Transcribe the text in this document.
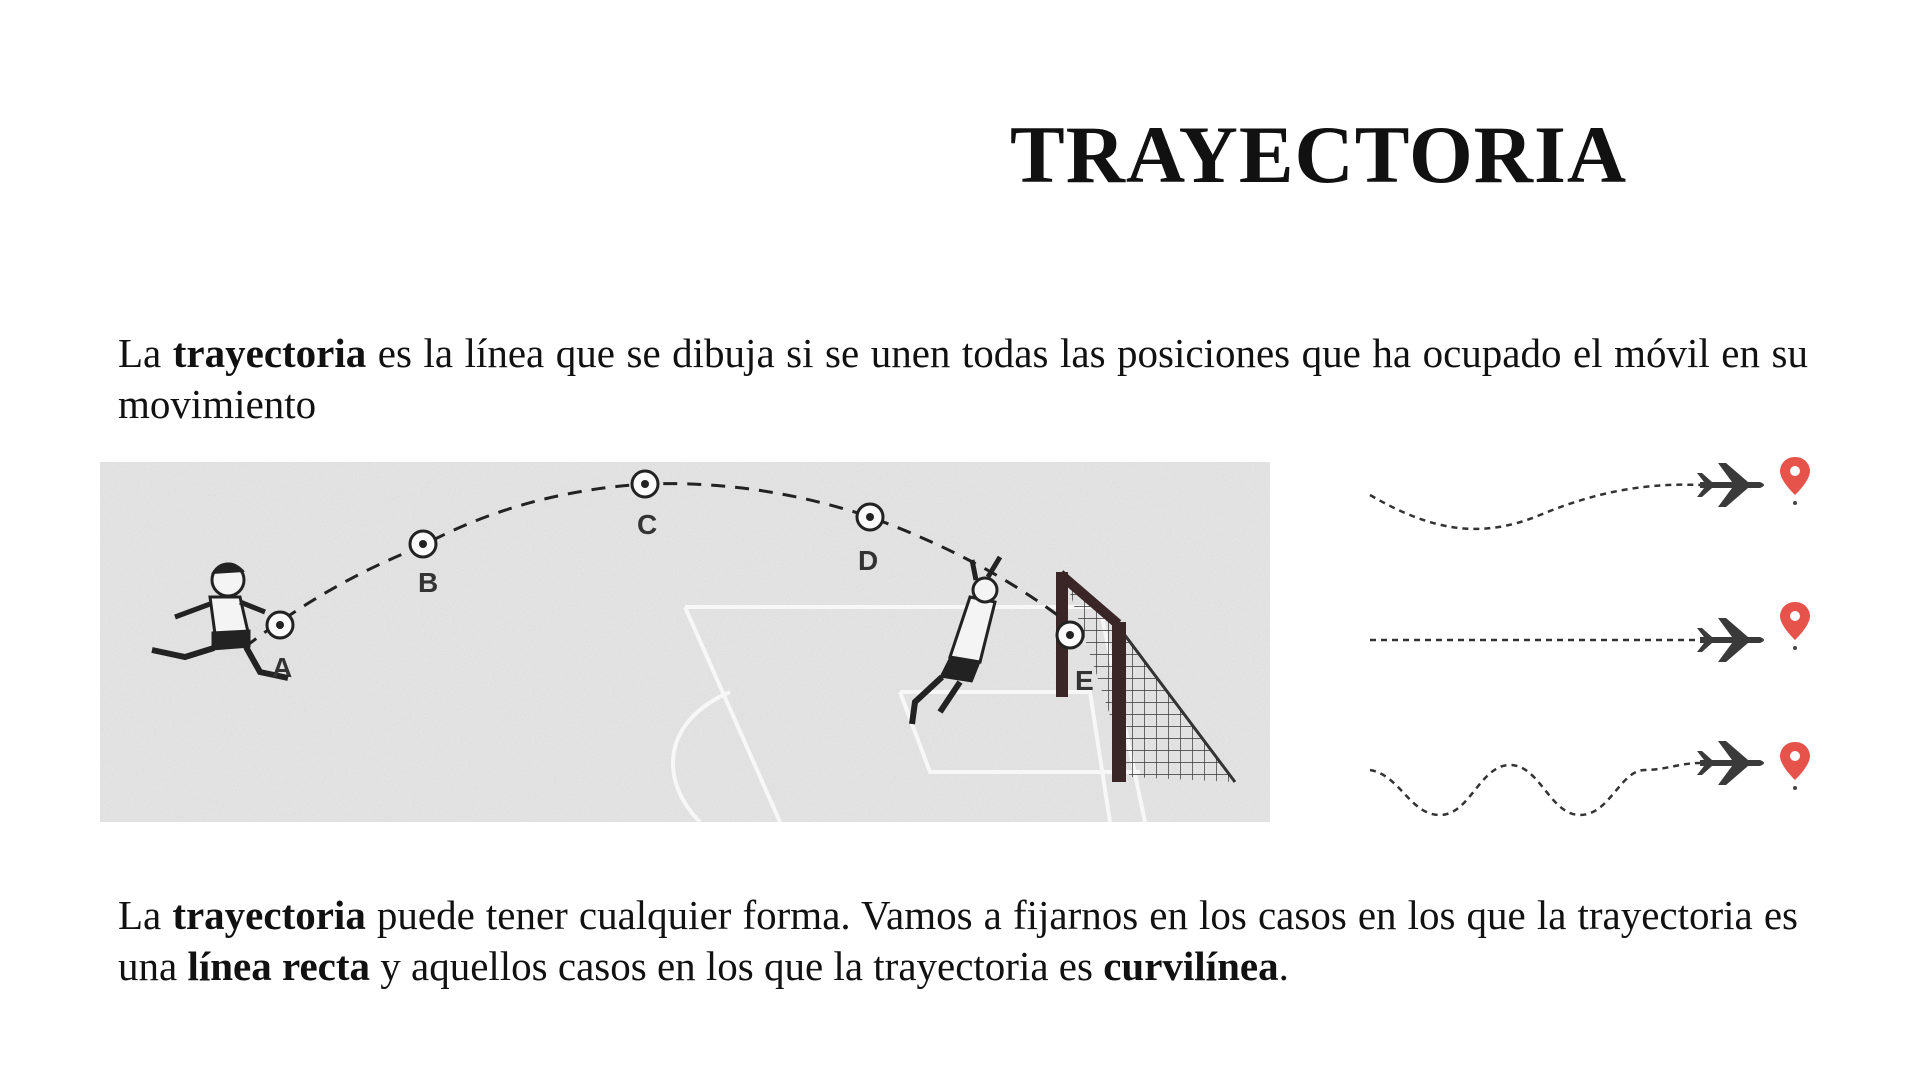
TRAYECTORIA

La trayectoria es la línea que se dibuja si se unen todas las posiciones que ha ocupado el móvil en su movimiento

A
B
C
D
E

La trayectoria puede tener cualquier forma. Vamos a fijarnos en los casos en los que la trayectoria es una línea recta y aquellos casos en los que la trayectoria es curvilínea.
